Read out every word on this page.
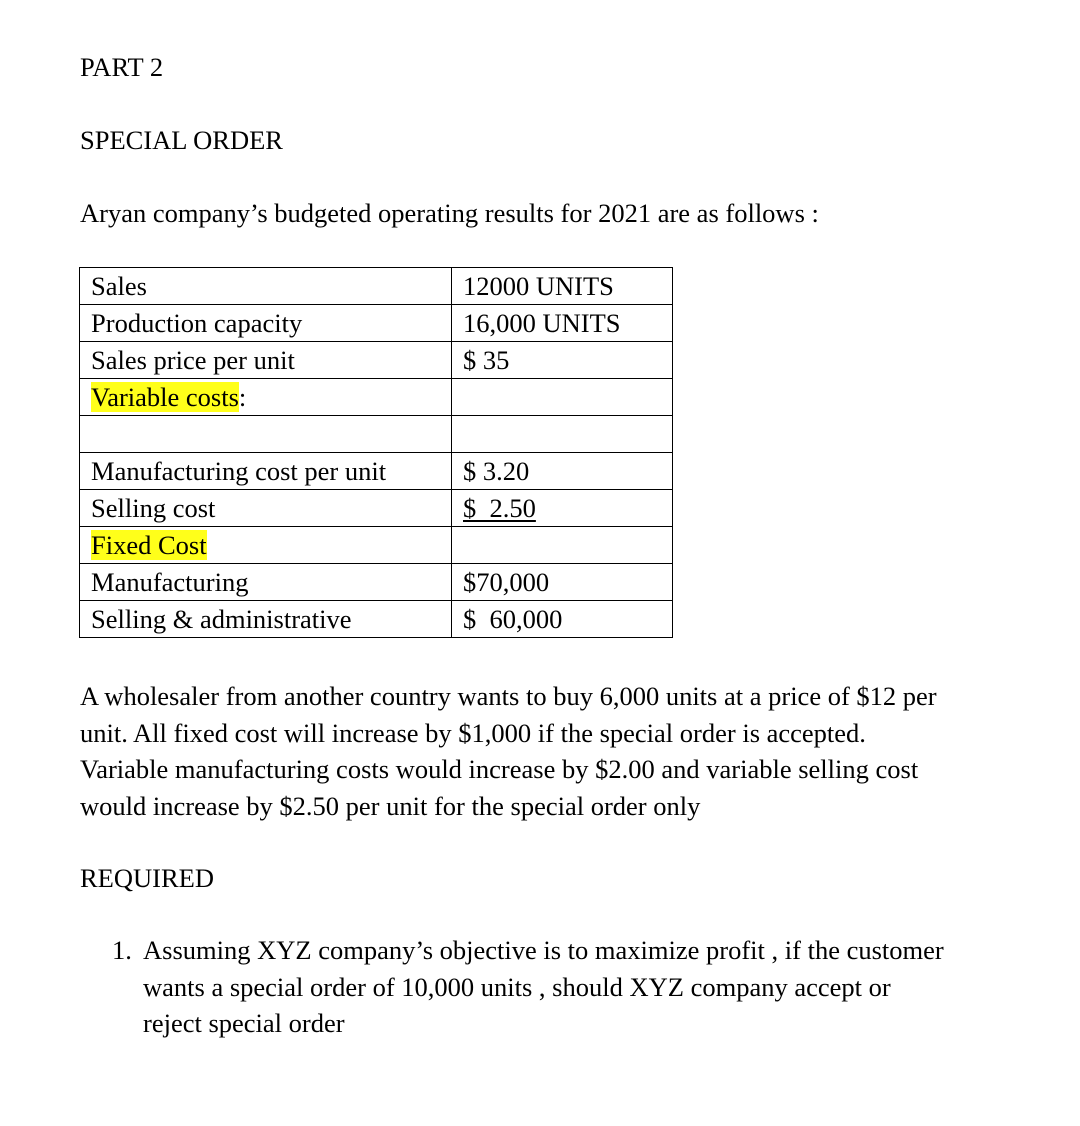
PART 2
SPECIAL ORDER
Aryan company’s budgeted operating results for 2021 are as follows :
Sales	12000 UNITS
Production capacity	16,000 UNITS
Sales price per unit	$ 35
Variable costs:	

Manufacturing cost per unit	$ 3.20
Selling cost	$  2.50
Fixed Cost	
Manufacturing	$70,000
Selling & administrative	$  60,000
A wholesaler from another country wants to buy 6,000 units at a price of $12 per
unit. All fixed cost will increase by $1,000 if the special order is accepted.
Variable manufacturing costs would increase by $2.00 and variable selling cost
would increase by $2.50 per unit for the special order only
REQUIRED
1. Assuming XYZ company’s objective is to maximize profit , if the customer
wants a special order of 10,000 units , should XYZ company accept or
reject special order
